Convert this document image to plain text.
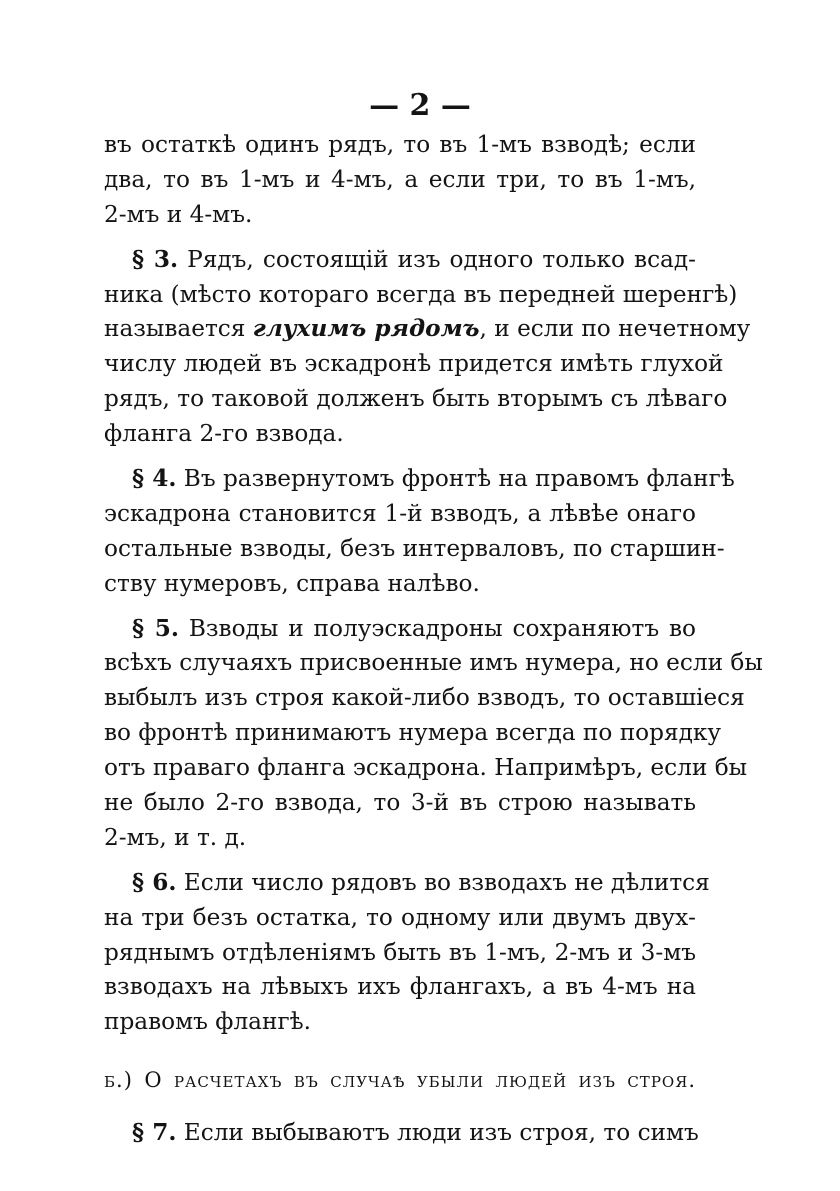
— 2 —
въ остаткѣ одинъ рядъ, то въ 1-мъ взводѣ; если
два, то въ 1-мъ и 4-мъ, а если три, то въ 1-мъ,
2-мъ и 4-мъ.
§ 3. Рядъ, состоящій изъ одного только всад-
ника (мѣсто котораго всегда въ передней шеренгѣ)
называется глухимъ рядомъ, и если по нечетному
числу людей въ эскадронѣ придется имѣть глухой
рядъ, то таковой долженъ быть вторымъ съ лѣваго
фланга 2-го взвода.
§ 4. Въ развернутомъ фронтѣ на правомъ флангѣ
эскадрона становится 1-й взводъ, а лѣвѣе онаго
остальные взводы, безъ интерваловъ, по старшин-
ству нумеровъ, справа налѣво.
§ 5. Взводы и полуэскадроны сохраняютъ во
всѣхъ случаяхъ присвоенные имъ нумера, но если бы
выбылъ изъ строя какой-либо взводъ, то оставшіеся
во фронтѣ принимаютъ нумера всегда по порядку
отъ праваго фланга эскадрона. Напримѣръ, если бы
не было 2-го взвода, то 3-й въ строю называть
2-мъ, и т. д.
§ 6. Если число рядовъ во взводахъ не дѣлится
на три безъ остатка, то одному или двумъ двух-
ряднымъ отдѣленіямъ быть въ 1-мъ, 2-мъ и 3-мъ
взводахъ на лѣвыхъ ихъ флангахъ, а въ 4-мъ на
правомъ флангѣ.
б.) О расчетахъ въ случаѣ убыли людей изъ строя.
§ 7. Если выбываютъ люди изъ строя, то симъ
